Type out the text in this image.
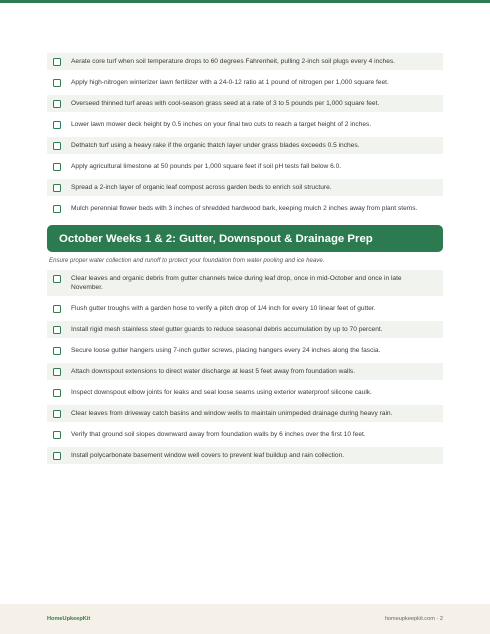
Aerate core turf when soil temperature drops to 60 degrees Fahrenheit, pulling 2-inch soil plugs every 4 inches.
Apply high-nitrogen winterizer lawn fertilizer with a 24-0-12 ratio at 1 pound of nitrogen per 1,000 square feet.
Overseed thinned turf areas with cool-season grass seed at a rate of 3 to 5 pounds per 1,000 square feet.
Lower lawn mower deck height by 0.5 inches on your final two cuts to reach a target height of 2 inches.
Dethatch turf using a heavy rake if the organic thatch layer under grass blades exceeds 0.5 inches.
Apply agricultural limestone at 50 pounds per 1,000 square feet if soil pH tests fall below 6.0.
Spread a 2-inch layer of organic leaf compost across garden beds to enrich soil structure.
Mulch perennial flower beds with 3 inches of shredded hardwood bark, keeping mulch 2 inches away from plant stems.
October Weeks 1 & 2: Gutter, Downspout & Drainage Prep
Ensure proper water collection and runoff to protect your foundation from water pooling and ice heave.
Clear leaves and organic debris from gutter channels twice during leaf drop, once in mid-October and once in late November.
Flush gutter troughs with a garden hose to verify a pitch drop of 1/4 inch for every 10 linear feet of gutter.
Install rigid mesh stainless steel gutter guards to reduce seasonal debris accumulation by up to 70 percent.
Secure loose gutter hangers using 7-inch gutter screws, placing hangers every 24 inches along the fascia.
Attach downspout extensions to direct water discharge at least 5 feet away from foundation walls.
Inspect downspout elbow joints for leaks and seal loose seams using exterior waterproof silicone caulk.
Clear leaves from driveway catch basins and window wells to maintain unimpeded drainage during heavy rain.
Verify that ground soil slopes downward away from foundation walls by 6 inches over the first 10 feet.
Install polycarbonate basement window well covers to prevent leaf buildup and rain collection.
HomeUpkeepKit	homeupkeepkit.com · 2
